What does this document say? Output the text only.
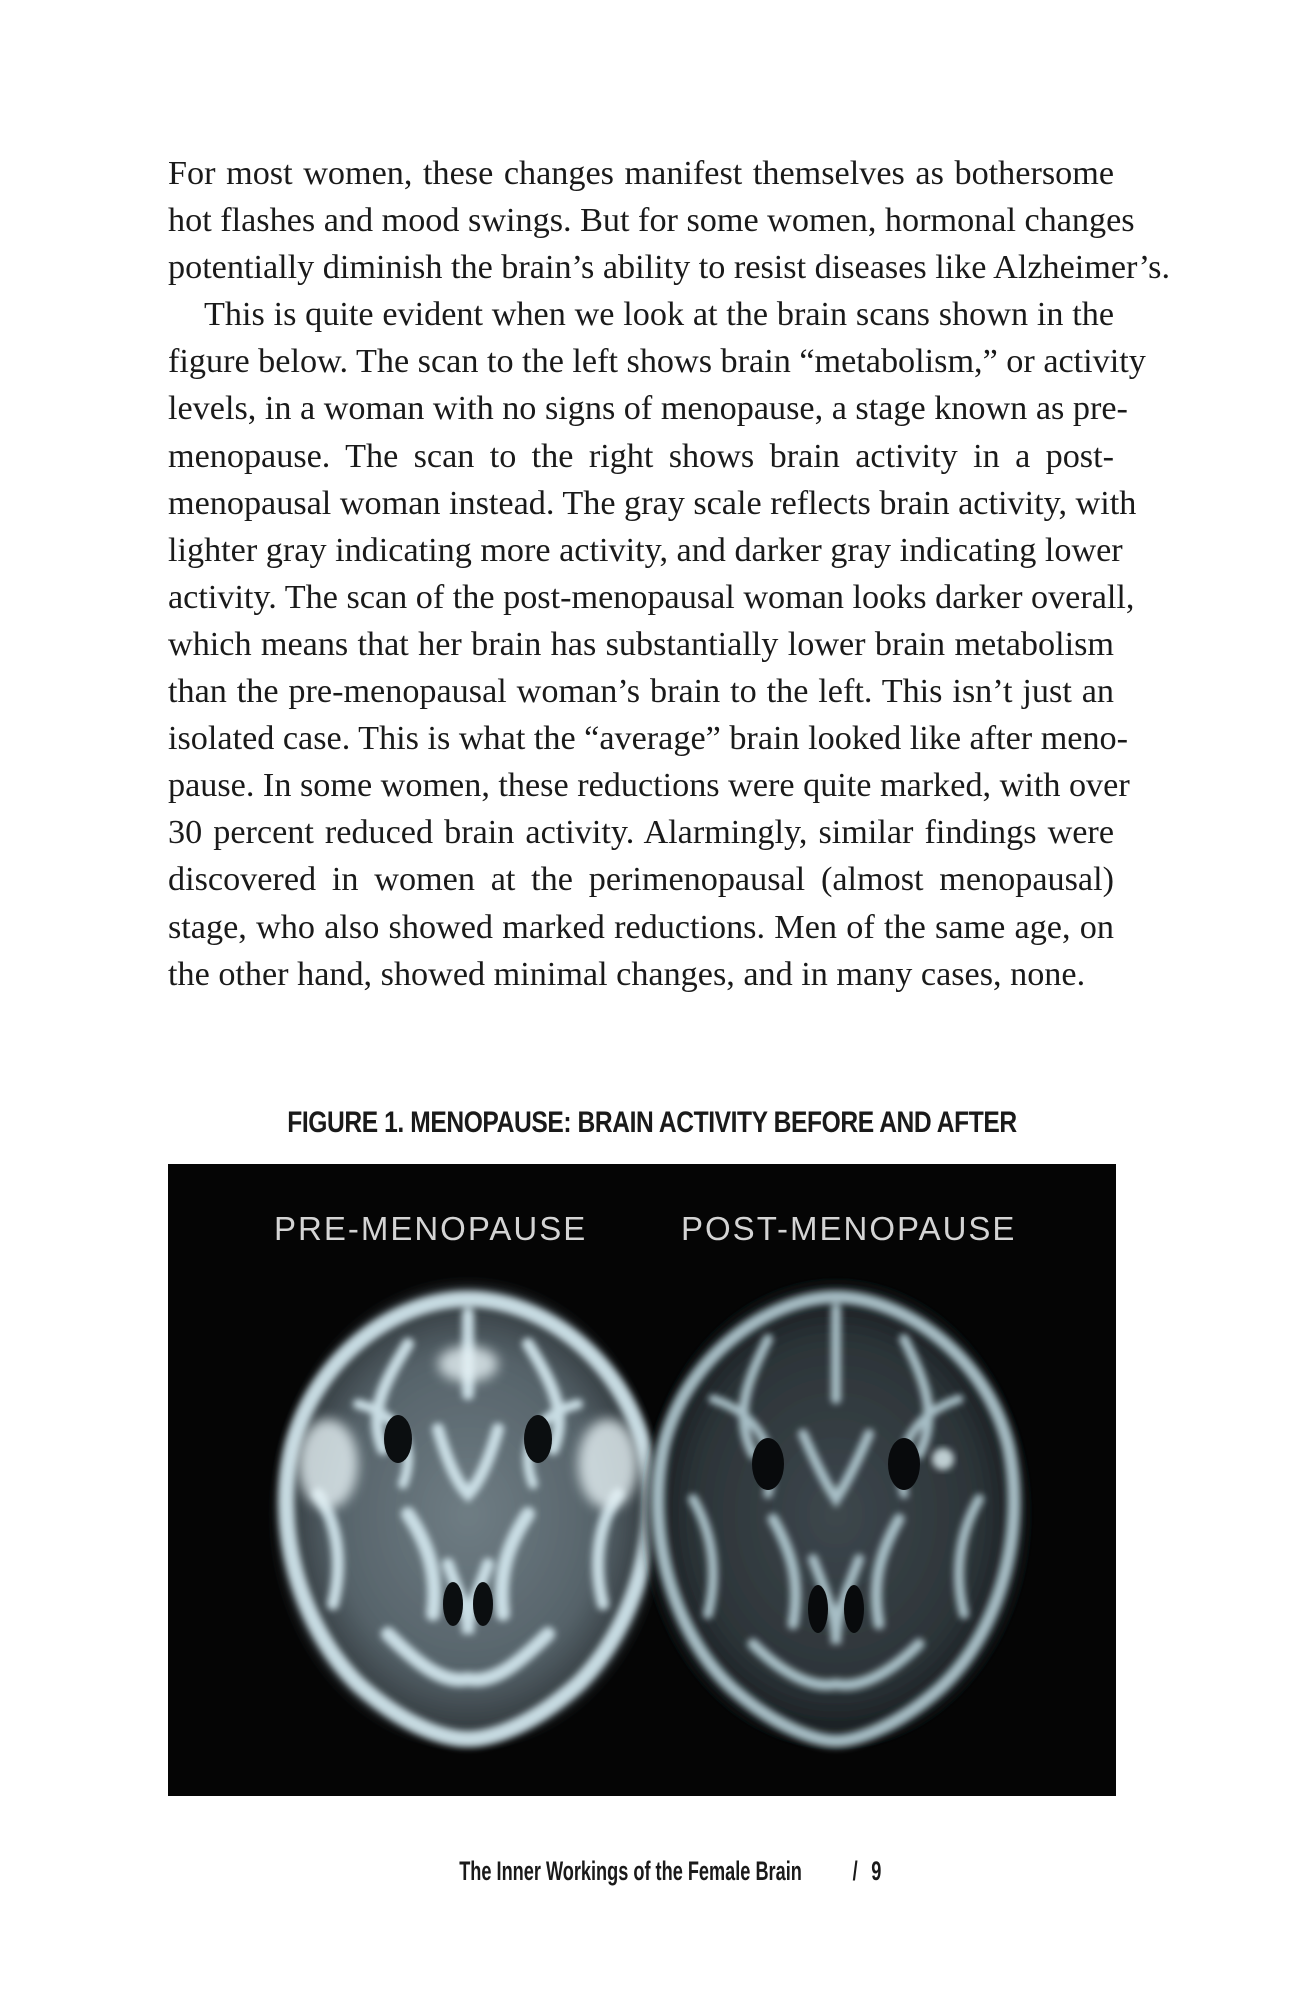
For most women, these changes manifest themselves as bothersome
hot flashes and mood swings. But for some women, hormonal changes
potentially diminish the brain’s ability to resist diseases like Alzheimer’s.
This is quite evident when we look at the brain scans shown in the
figure below. The scan to the left shows brain “metabolism,” or activity
levels, in a woman with no signs of menopause, a stage known as pre-
menopause. The scan to the right shows brain activity in a post-
menopausal woman instead. The gray scale reflects brain activity, with
lighter gray indicating more activity, and darker gray indicating lower
activity. The scan of the post-menopausal woman looks darker overall,
which means that her brain has substantially lower brain metabolism
than the pre-menopausal woman’s brain to the left. This isn’t just an
isolated case. This is what the “average” brain looked like after meno-
pause. In some women, these reductions were quite marked, with over
30 percent reduced brain activity. Alarmingly, similar findings were
discovered in women at the perimenopausal (almost menopausal)
stage, who also showed marked reductions. Men of the same age, on
the other hand, showed minimal changes, and in many cases, none.
FIGURE 1. MENOPAUSE: BRAIN ACTIVITY BEFORE AND AFTER
PRE-MENOPAUSE	POST-MENOPAUSE
The Inner Workings of the Female Brain / 9
